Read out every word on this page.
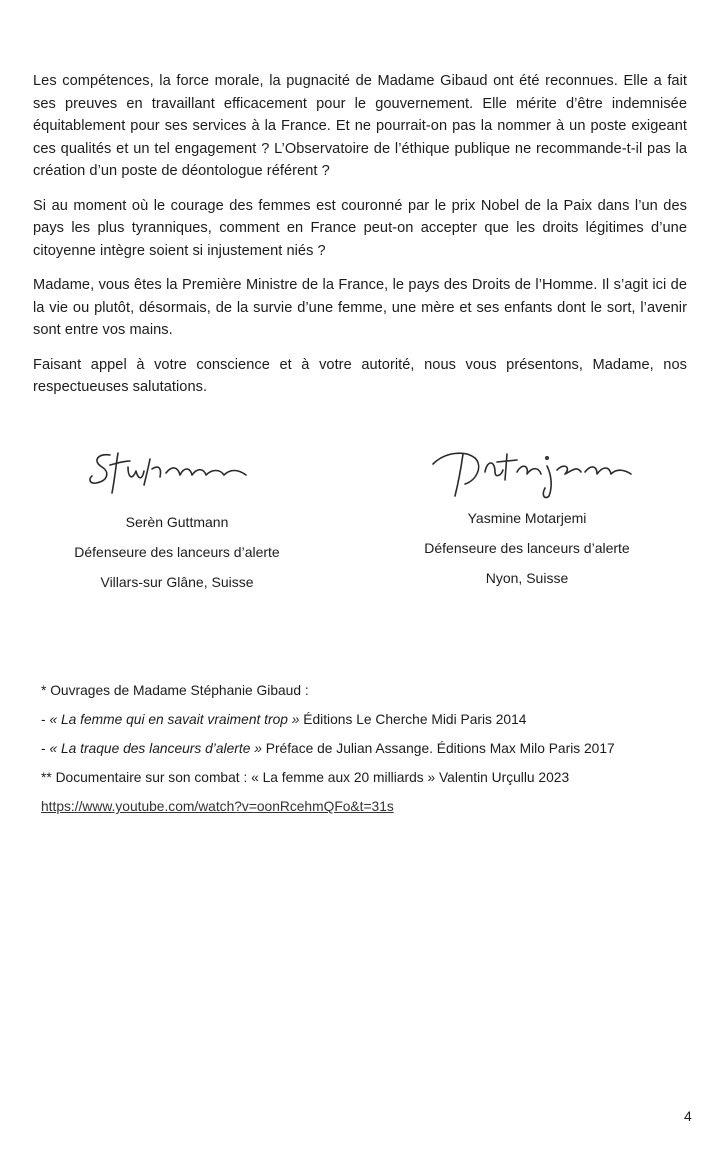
Les compétences, la force morale, la pugnacité de Madame Gibaud ont été reconnues. Elle a fait ses preuves en travaillant efficacement pour le gouvernement. Elle mérite d’être indemnisée équitablement pour ses services à la France. Et ne pourrait-on pas la nommer à un poste exigeant ces qualités et un tel engagement ? L’Observatoire de l’éthique publique ne recommande-t-il pas la création d’un poste de déontologue référent ?

Si au moment où le courage des femmes est couronné par le prix Nobel de la Paix dans l’un des pays les plus tyranniques, comment en France peut-on accepter que les droits légitimes d’une citoyenne intègre soient si injustement niés ?

Madame, vous êtes la Première Ministre de la France, le pays des Droits de l’Homme. Il s’agit ici de la vie ou plutôt, désormais, de la survie d’une femme, une mère et ses enfants dont le sort, l’avenir sont entre vos mains.

Faisant appel à votre conscience et à votre autorité, nous vous présentons, Madame, nos respectueuses salutations.

Serèn Guttmann
Défenseure des lanceurs d’alerte
Villars-sur Glâne, Suisse
Yasmine Motarjemi
Défenseure des lanceurs d’alerte
Nyon, Suisse
* Ouvrages de Madame Stéphanie Gibaud :
- « La femme qui en savait vraiment trop » Éditions Le Cherche Midi Paris 2014
- « La traque des lanceurs d’alerte » Préface de Julian Assange. Éditions Max Milo Paris 2017
** Documentaire sur son combat : « La femme aux 20 milliards » Valentin Urçullu 2023
https://www.youtube.com/watch?v=oonRcehmQFo&t=31s
4
